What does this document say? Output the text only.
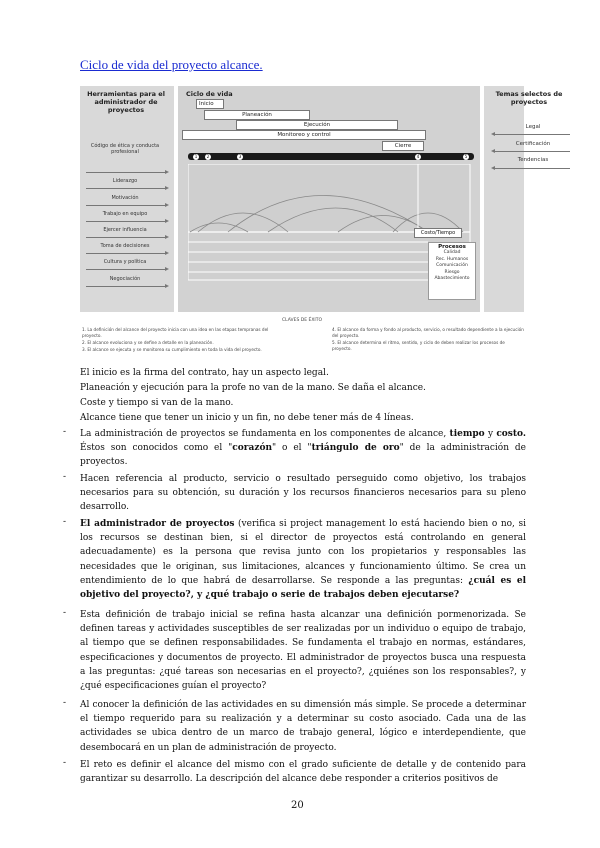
Ciclo de vida del proyecto alcance.
Herramientas para el administrador de proyectos
Ciclo de vida	Temas selectos de proyectos
Código de ética y conducta profesional
Liderazgo
Motivación
Trabajo en equipo
Ejercer influencia
Toma de decisiones
Cultura y política
Negociación
Inicio
Planeación
Ejecución
Monitoreo y control
Cierre
1	2	3	4	5
Costo/Tiempo
Procesos
Calidad
Rec. Humanos
Comunicación
Riesgo
Abastecimiento
Legal
Certificación
Tendencias
CLAVES DE ÉXITO
1. La definición del alcance del proyecto inicia con una idea en las etapas tempranas del proyecto.
2. El alcance evoluciona y se define a detalle en la planeación.
3. El alcance se ejecuta y se monitorea su cumplimiento en toda la vida del proyecto.
4. El alcance da forma y fondo al producto, servicio, o resultado dependiente a la ejecución del proyecto.
5. El alcance determina el ritmo, sentido, y ciclo de deben realizar los procesos de proyecto.
El inicio es la firma del contrato, hay un aspecto legal.
Planeación y ejecución para la profe no van de la mano. Se daña el alcance.
Coste y tiempo si van de la mano.
Alcance tiene que tener un inicio y un fin, no debe tener más de 4 líneas.
- La administración de proyectos se fundamenta en los componentes de alcance, tiempo y costo. Éstos son conocidos como el "corazón" o el "triángulo de oro" de la administración de proyectos.
- Hacen referencia al producto, servicio o resultado perseguido como objetivo, los trabajos necesarios para su obtención, su duración y los recursos financieros necesarios para su pleno desarrollo.
- El administrador de proyectos (verifica si project management lo está haciendo bien o no, si los recursos se destinan bien, si el director de proyectos está controlando en general adecuadamente) es la persona que revisa junto con los propietarios y responsables las necesidades que le originan, sus limitaciones, alcances y funcionamiento último. Se crea un entendimiento de lo que habrá de desarrollarse. Se responde a las preguntas: ¿cuál es el objetivo del proyecto?, y ¿qué trabajo o serie de trabajos deben ejecutarse?
- Esta definición de trabajo inicial se refina hasta alcanzar una definición pormenorizada. Se definen tareas y actividades susceptibles de ser realizadas por un individuo o equipo de trabajo, al tiempo que se definen responsabilidades. Se fundamenta el trabajo en normas, estándares, especificaciones y documentos de proyecto. El administrador de proyectos busca una respuesta a las preguntas: ¿qué tareas son necesarias en el proyecto?, ¿quiénes son los responsables?, y ¿qué especificaciones guían el proyecto?
- Al conocer la definición de las actividades en su dimensión más simple. Se procede a determinar el tiempo requerido para su realización y a determinar su costo asociado. Cada una de las actividades se ubica dentro de un marco de trabajo general, lógico e interdependiente, que desembocará en un plan de administración de proyecto.
- El reto es definir el alcance del mismo con el grado suficiente de detalle y de contenido para garantizar su desarrollo. La descripción del alcance debe responder a criterios positivos de
20
